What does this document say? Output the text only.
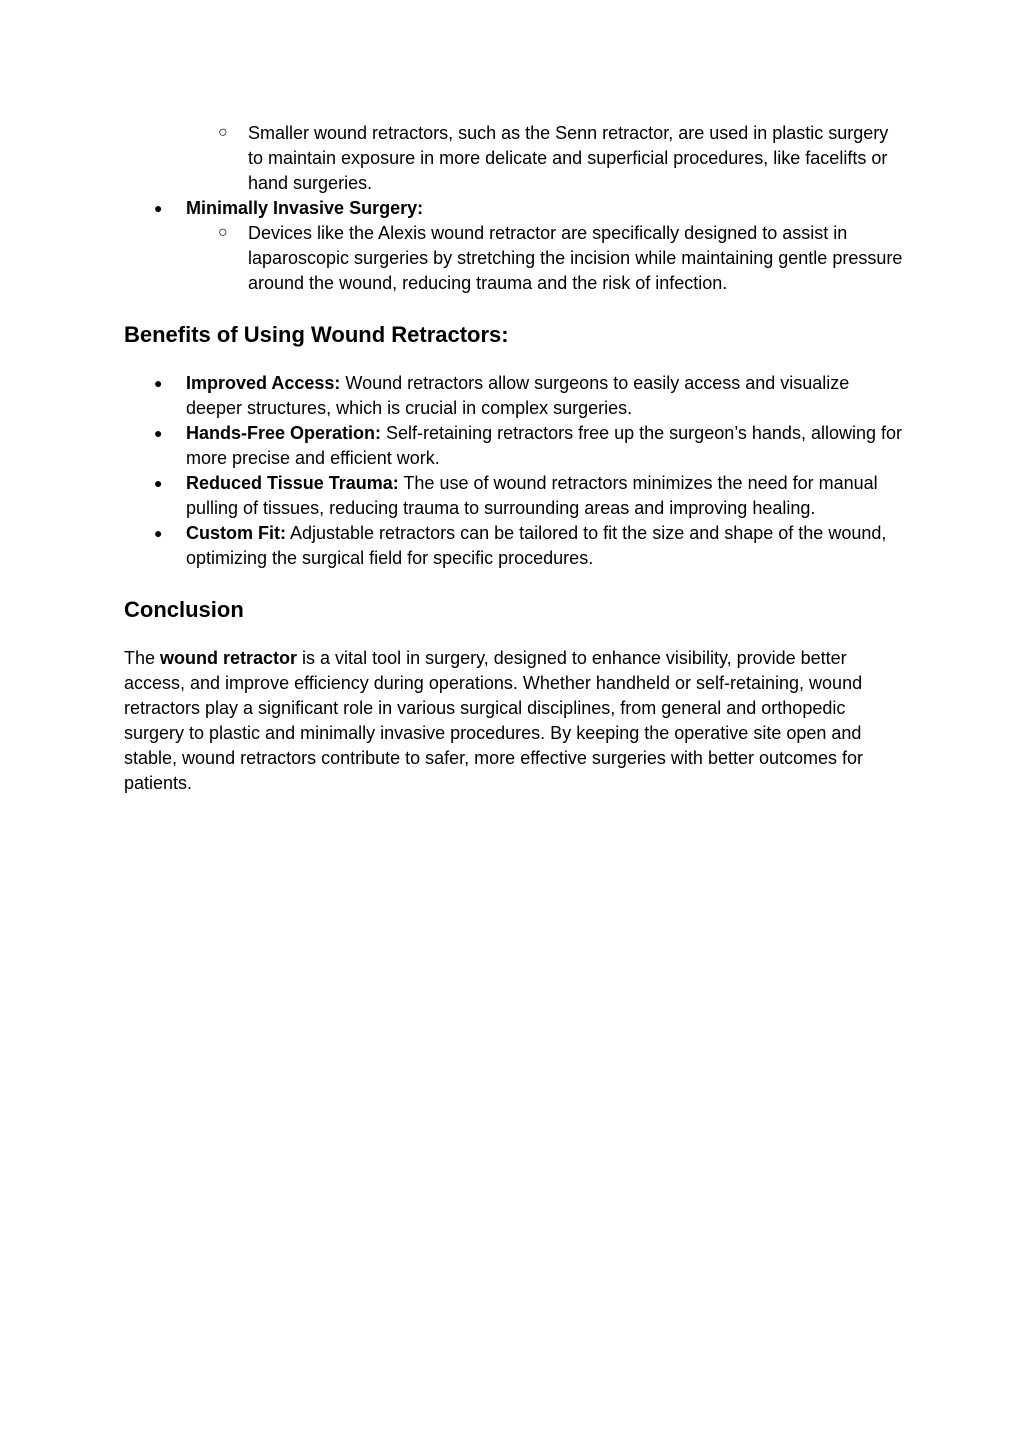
○ Smaller wound retractors, such as the Senn retractor, are used in plastic surgery to maintain exposure in more delicate and superficial procedures, like facelifts or hand surgeries.
● Minimally Invasive Surgery:
○ Devices like the Alexis wound retractor are specifically designed to assist in laparoscopic surgeries by stretching the incision while maintaining gentle pressure around the wound, reducing trauma and the risk of infection.
Benefits of Using Wound Retractors:
● Improved Access: Wound retractors allow surgeons to easily access and visualize deeper structures, which is crucial in complex surgeries.
● Hands-Free Operation: Self-retaining retractors free up the surgeon’s hands, allowing for more precise and efficient work.
● Reduced Tissue Trauma: The use of wound retractors minimizes the need for manual pulling of tissues, reducing trauma to surrounding areas and improving healing.
● Custom Fit: Adjustable retractors can be tailored to fit the size and shape of the wound, optimizing the surgical field for specific procedures.
Conclusion

The wound retractor is a vital tool in surgery, designed to enhance visibility, provide better access, and improve efficiency during operations. Whether handheld or self-retaining, wound retractors play a significant role in various surgical disciplines, from general and orthopedic surgery to plastic and minimally invasive procedures. By keeping the operative site open and stable, wound retractors contribute to safer, more effective surgeries with better outcomes for patients.
